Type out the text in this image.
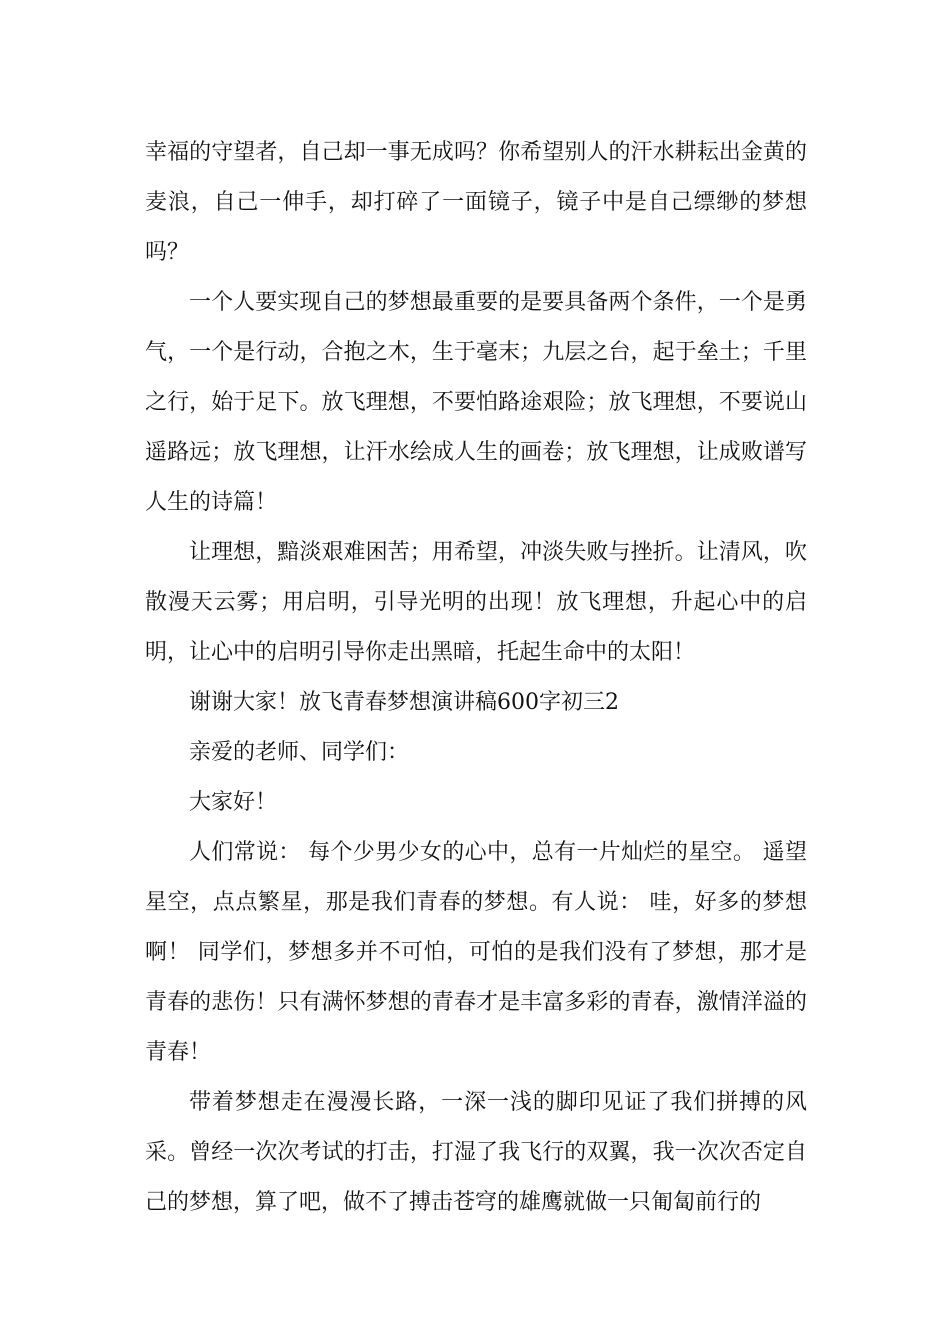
幸福的守望者，自己却一事无成吗？你希望别人的汗水耕耘出金黄的麦浪，自己一伸手，却打碎了一面镜子，镜子中是自己缥缈的梦想吗？

一个人要实现自己的梦想最重要的是要具备两个条件，一个是勇气，一个是行动，合抱之木，生于毫末；九层之台，起于垒土；千里之行，始于足下。放飞理想，不要怕路途艰险；放飞理想，不要说山遥路远；放飞理想，让汗水绘成人生的画卷；放飞理想，让成败谱写人生的诗篇！

让理想，黯淡艰难困苦；用希望，冲淡失败与挫折。让清风，吹散漫天云雾；用启明，引导光明的出现！放飞理想，升起心中的启明，让心中的启明引导你走出黑暗，托起生命中的太阳！

谢谢大家！放飞青春梦想演讲稿600字初三2

亲爱的老师、同学们：

大家好！

人们常说： 每个少男少女的心中，总有一片灿烂的星空。 遥望星空，点点繁星，那是我们青春的梦想。有人说： 哇，好多的梦想啊！ 同学们，梦想多并不可怕，可怕的是我们没有了梦想，那才是青春的悲伤！只有满怀梦想的青春才是丰富多彩的青春，激情洋溢的青春！

带着梦想走在漫漫长路，一深一浅的脚印见证了我们拼搏的风采。曾经一次次考试的打击，打湿了我飞行的双翼，我一次次否定自己的梦想，算了吧，做不了搏击苍穹的雄鹰就做一只匍匐前行的
